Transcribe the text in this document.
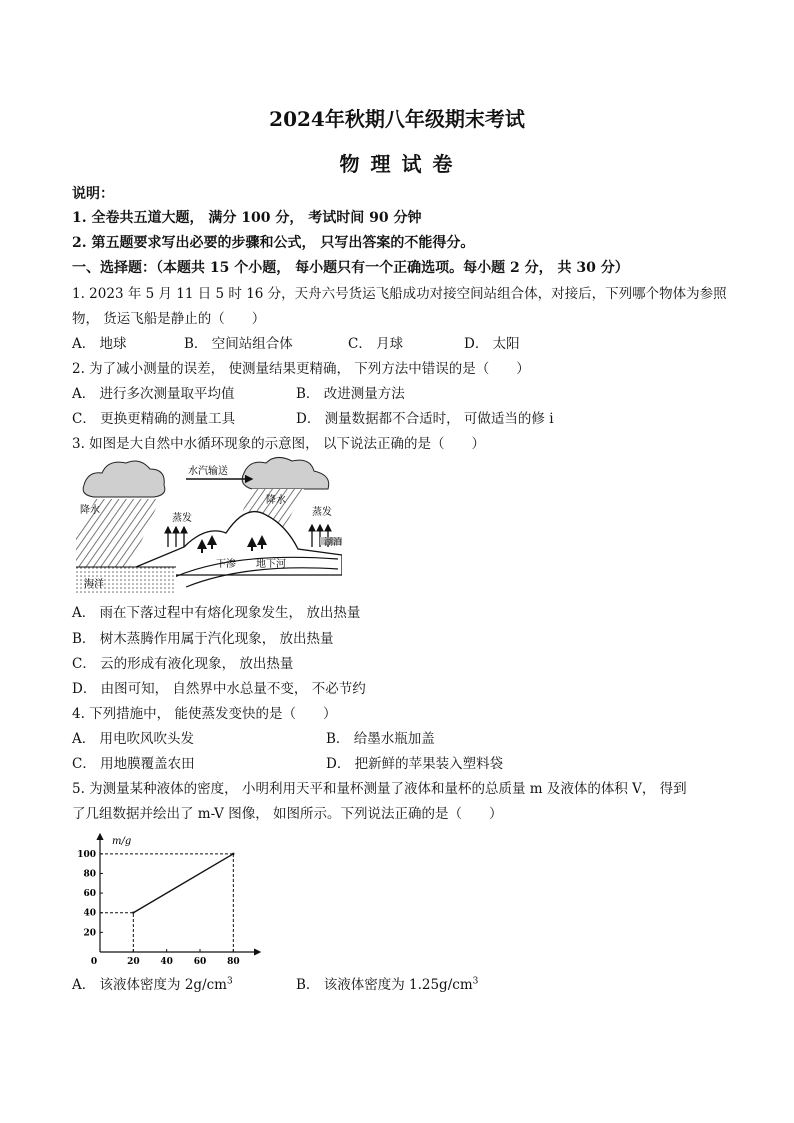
2024年秋期八年级期末考试
物 理 试 卷
说明：
1. 全卷共五道大题， 满分 100 分， 考试时间 90 分钟
2. 第五题要求写出必要的步骤和公式， 只写出答案的不能得分。
一、选择题：（本题共 15 个小题， 每小题只有一个正确选项。每小题 2 分， 共 30 分）
1. 2023 年 5 月 11 日 5 时 16 分，天舟六号货运飞船成功对接空间站组合体，对接后，下列哪个物体为参照
物， 货运飞船是静止的（　　）
A． 地球	B． 空间站组合体	C． 月球	D． 太阳
2. 为了减小测量的误差， 使测量结果更精确， 下列方法中错误的是（　　）
A． 进行多次测量取平均值	B． 改进测量方法
C． 更换更精确的测量工具	D． 测量数据都不合适时， 可做适当的修 i
3. 如图是大自然中水循环现象的示意图， 以下说法正确的是（　　）
水汽输送
降水
降水
蒸发
蒸发
湖泊
下渗 地下河
海洋
A． 雨在下落过程中有熔化现象发生， 放出热量
B． 树木蒸腾作用属于汽化现象， 放出热量
C． 云的形成有液化现象， 放出热量
D． 由图可知， 自然界中水总量不变， 不必节约
4. 下列措施中， 能使蒸发变快的是（　　）
A． 用电吹风吹头发	B． 给墨水瓶加盖
C． 用地膜覆盖农田	D． 把新鲜的苹果装入塑料袋
5. 为测量某种液体的密度， 小明利用天平和量杯测量了液体和量杯的总质量 m 及液体的体积 V， 得到
了几组数据并绘出了 m-V 图像， 如图所示。下列说法正确的是（　　）
0	20 40 60 80
20
40
60
80
100
m/g
A． 该液体密度为 $2g/cm^3$	B． 该液体密度为 $1.25g/cm^3$
